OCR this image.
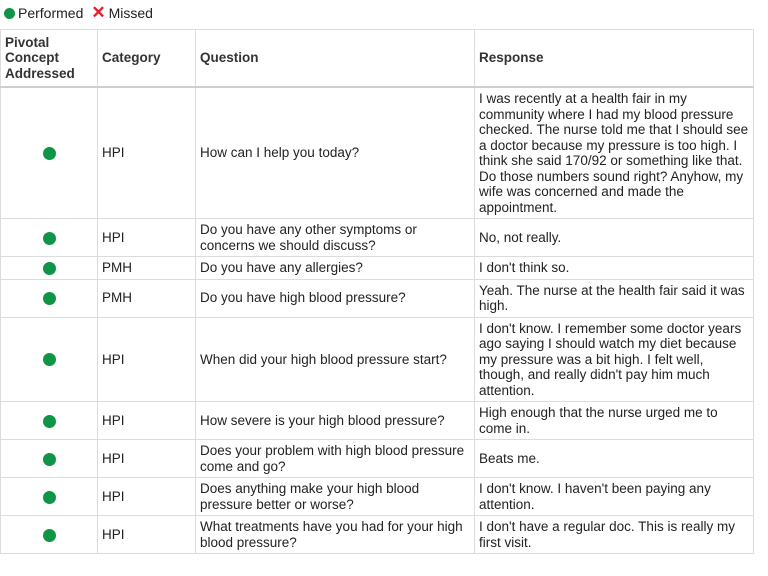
Performed ✕ Missed
Pivotal Concept Addressed	Category	Question	Response
	HPI	How can I help you today?	I was recently at a health fair in my community where I had my blood pressure checked. The nurse told me that I should see a doctor because my pressure is too high. I think she said 170/92 or something like that. Do those numbers sound right? Anyhow, my wife was concerned and made the appointment.
	HPI	Do you have any other symptoms or concerns we should discuss?	No, not really.
	PMH	Do you have any allergies?	I don't think so.
	PMH	Do you have high blood pressure?	Yeah. The nurse at the health fair said it was high.
	HPI	When did your high blood pressure start?	I don't know. I remember some doctor years ago saying I should watch my diet because my pressure was a bit high. I felt well, though, and really didn't pay him much attention.
	HPI	How severe is your high blood pressure?	High enough that the nurse urged me to come in.
	HPI	Does your problem with high blood pressure come and go?	Beats me.
	HPI	Does anything make your high blood pressure better or worse?	I don't know. I haven't been paying any attention.
	HPI	What treatments have you had for your high blood pressure?	I don't have a regular doc. This is really my first visit.
